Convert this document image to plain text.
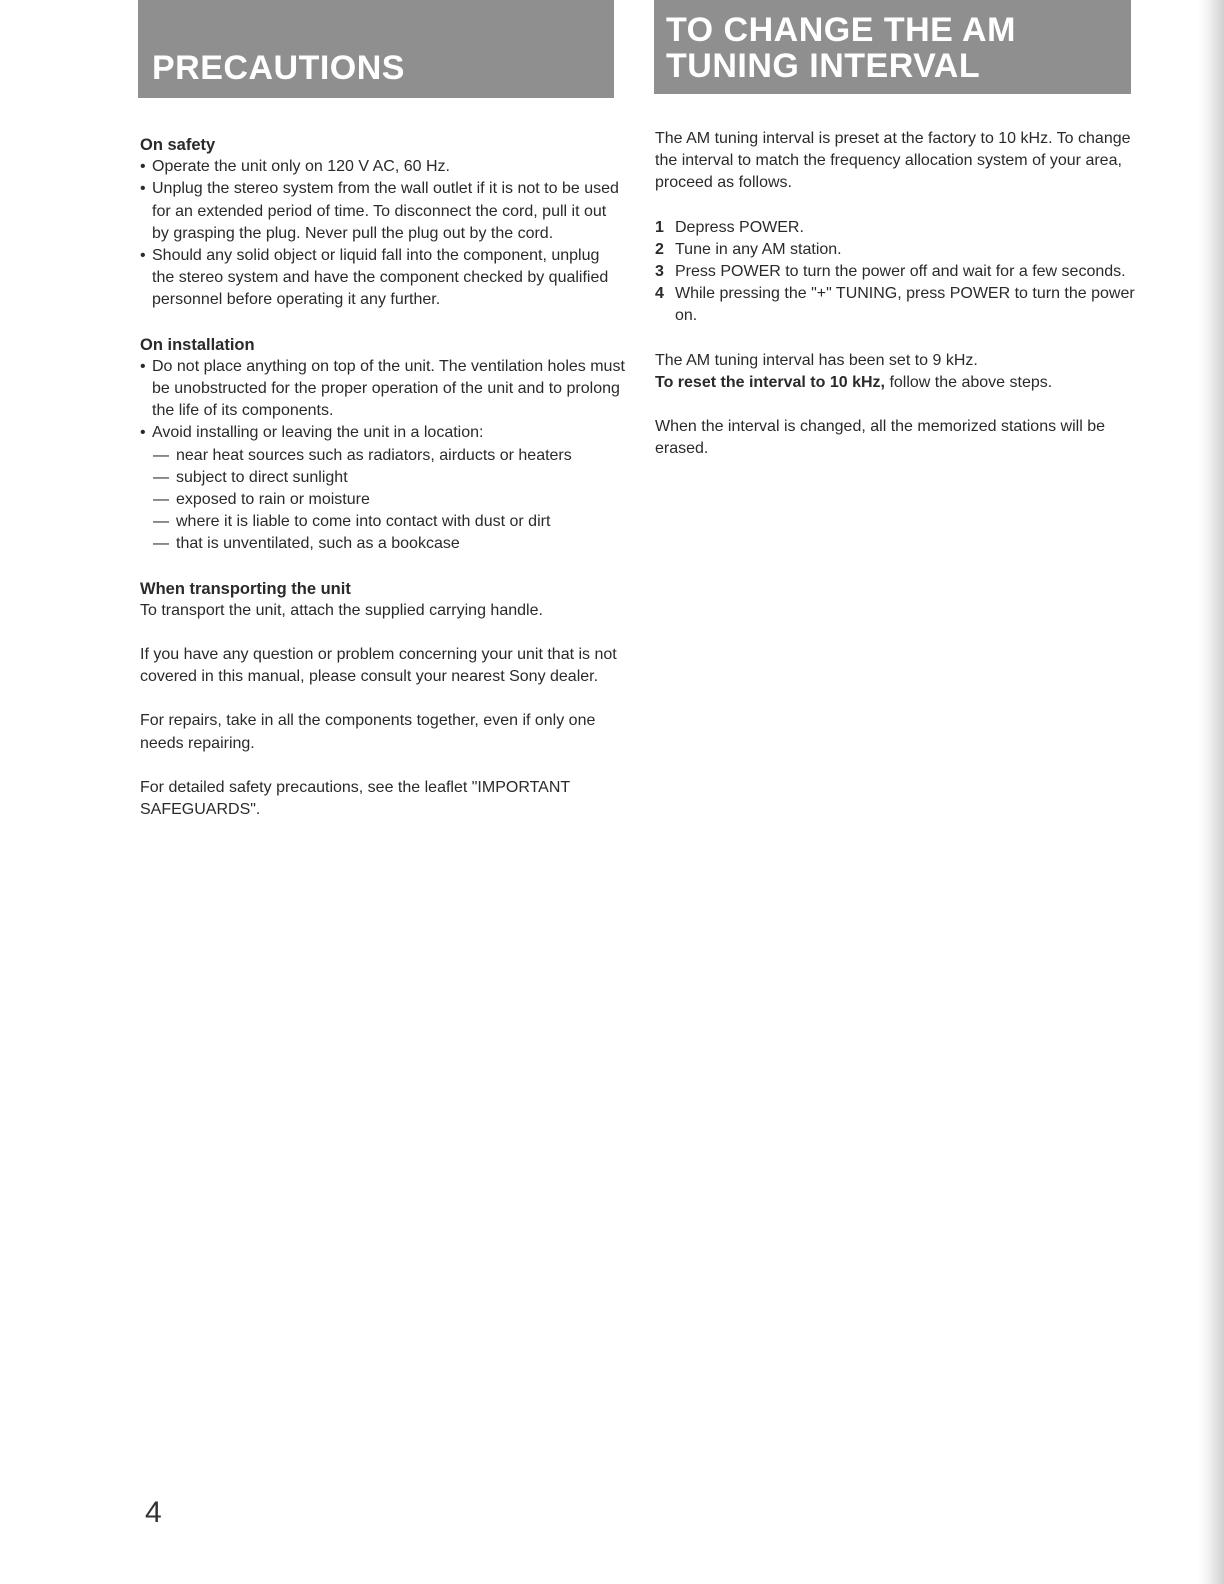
PRECAUTIONS
TO CHANGE THE AM
TUNING INTERVAL

On safety

• Operate the unit only on 120 V AC, 60 Hz.

• Unplug the stereo system from the wall outlet if it is not to be used for an extended period of time. To disconnect the cord, pull it out by grasping the plug. Never pull the plug out by the cord.

• Should any solid object or liquid fall into the component, unplug the stereo system and have the component checked by qualified personnel before operating it any further.

On installation

• Do not place anything on top of the unit. The ventilation holes must be unobstructed for the proper operation of the unit and to prolong the life of its components.

• Avoid installing or leaving the unit in a location:

— near heat sources such as radiators, airducts or heaters

— subject to direct sunlight

— exposed to rain or moisture

— where it is liable to come into contact with dust or dirt

— that is unventilated, such as a bookcase

When transporting the unit

To transport the unit, attach the supplied carrying handle.

If you have any question or problem concerning your unit that is not covered in this manual, please consult your nearest Sony dealer.

For repairs, take in all the components together, even if only one needs repairing.

For detailed safety precautions, see the leaflet "IMPORTANT SAFEGUARDS".

The AM tuning interval is preset at the factory to 10 kHz. To change the interval to match the frequency allocation system of your area, proceed as follows.

1 Depress POWER.

2 Tune in any AM station.

3 Press POWER to turn the power off and wait for a few seconds.

4 While pressing the "+" TUNING, press POWER to turn the power on.

The AM tuning interval has been set to 9 kHz.

To reset the interval to 10 kHz, follow the above steps.

When the interval is changed, all the memorized stations will be erased.

4
